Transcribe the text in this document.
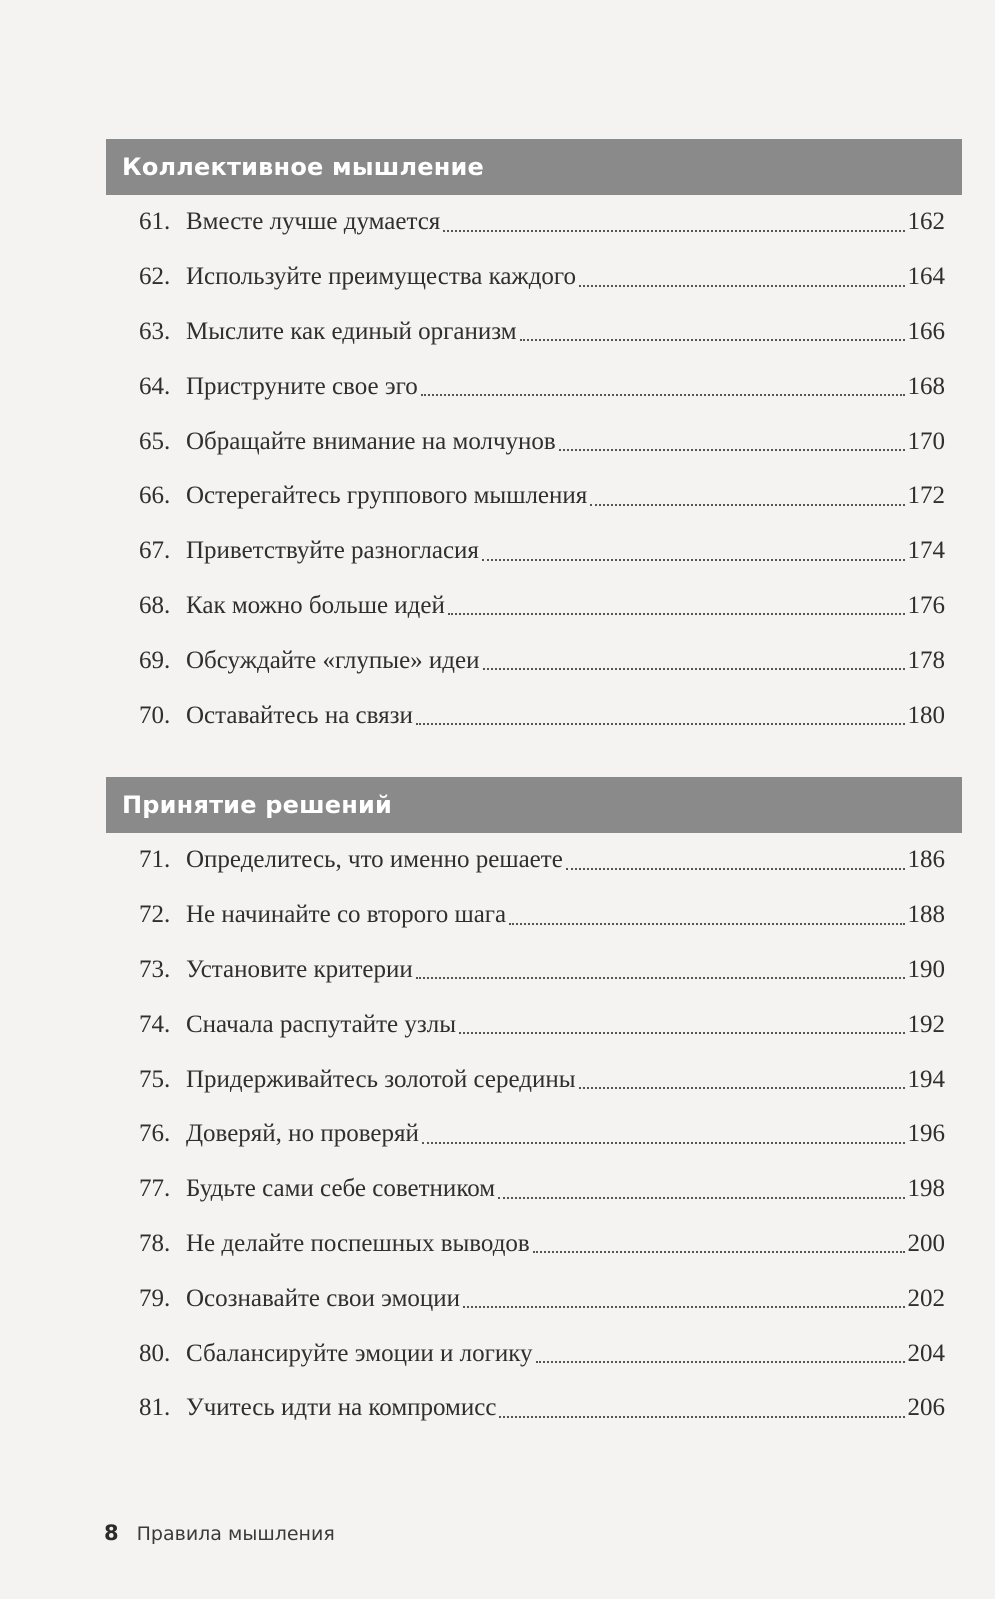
Коллективное мышление
61. Вместе лучше думается	162
62. Используйте преимущества каждого	164
63. Мыслите как единый организм	166
64. Приструните свое эго	168
65. Обращайте внимание на молчунов	170
66. Остерегайтесь группового мышления	172
67. Приветствуйте разногласия	174
68. Как можно больше идей	176
69. Обсуждайте «глупые» идеи	178
70. Оставайтесь на связи	180
Принятие решений
71. Определитесь, что именно решаете	186
72. Не начинайте со второго шага	188
73. Установите критерии	190
74. Сначала распутайте узлы	192
75. Придерживайтесь золотой середины	194
76. Доверяй, но проверяй	196
77. Будьте сами себе советником	198
78. Не делайте поспешных выводов	200
79. Осознавайте свои эмоции	202
80. Сбалансируйте эмоции и логику	204
81. Учитесь идти на компромисс	206
8 Правила мышления
